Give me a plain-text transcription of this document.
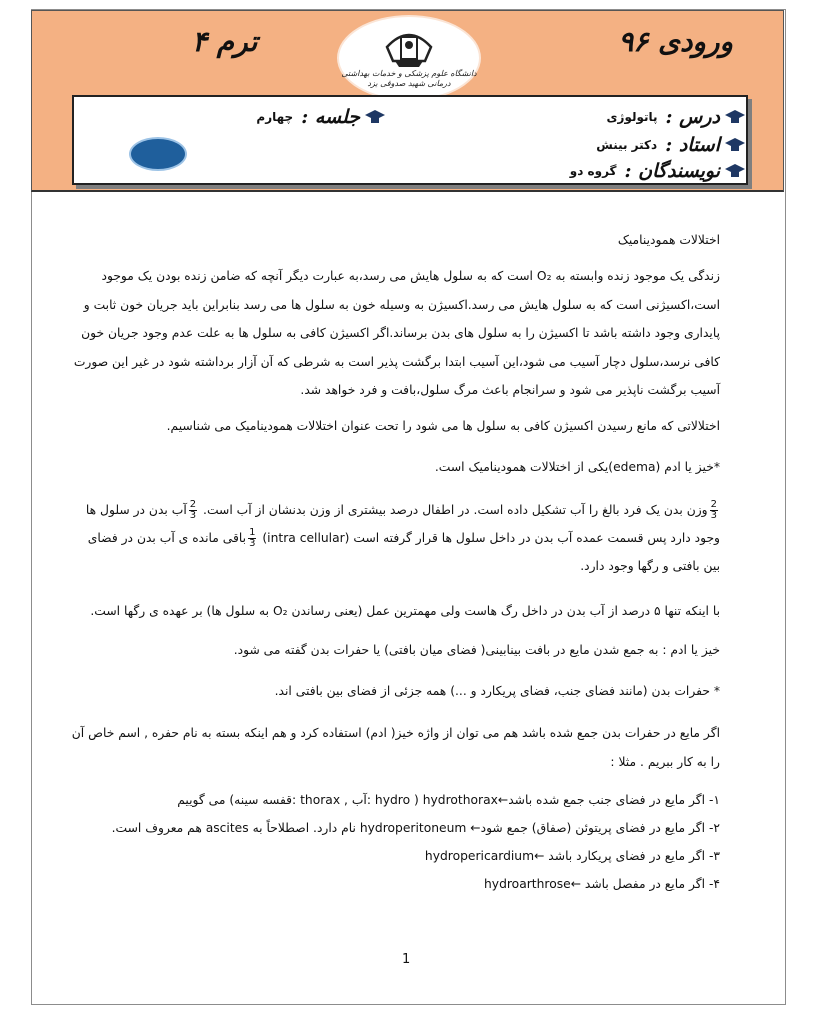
ترم ۴	ورودی ۹۶
دانشگاه علوم پزشکی و خدمات بهداشتی درمانی شهید صدوقی یزد
درس :
پاتولوژی
استاد :
دکتر بینش
نویسندگان :
گروه دو
جلسه :
چهارم

اختلالات همودینامیک

زندگی یک موجود زنده وابسته به O₂ است که به سلول هایش می رسد،به عبارت دیگر آنچه که ضامن زنده بودن یک موجود

است،اکسیژنی است که به سلول هایش می رسد.اکسیژن به وسیله خون به سلول ها می رسد بنابراین باید جریان خون ثابت و

پایداری وجود داشته باشد تا اکسیژن را به سلول های بدن برساند.اگر اکسیژن کافی به سلول ها به علت عدم وجود جریان خون

کافی نرسد،سلول دچار آسیب می شود،این آسیب ابتدا برگشت پذیر است به شرطی که آن آزار برداشته شود در غیر این صورت

آسیب برگشت ناپذیر می شود و سرانجام باعث مرگ سلول،بافت و فرد خواهد شد.

اختلالاتی که مانع رسیدن اکسیژن کافی به سلول ها می شود را تحت عنوان اختلالات همودینامیک می شناسیم.

*خیز یا ادم (edema)یکی از اختلالات همودینامیک است.

$\frac{2}{3}$
وزن بدن یک فرد بالغ را آب تشکیل داده است. در اطفال درصد بیشتری از وزن بدنشان از آب است.
$\frac{2}{3}$
آب بدن در سلول ها

وجود دارد پس قسمت عمده آب بدن در داخل سلول ها قرار گرفته است (intra cellular)
$\frac{1}{3}$
باقی مانده ی آب بدن در فضای

بین بافتی و رگها وجود دارد.

با اینکه تنها ۵ درصد از آب بدن در داخل رگ هاست ولی مهمترین عمل (یعنی رساندن O₂ به سلول ها) بر عهده ی رگها است.

خیز یا ادم : به جمع شدن مایع در بافت بینابینی( فضای میان بافتی) یا حفرات بدن گفته می شود.

* حفرات بدن (مانند فضای جنب، فضای پریکارد و ...) همه جزئی از فضای بین بافتی اند.

اگر مایع در حفرات بدن جمع شده باشد هم می توان از واژه خیز( ادم) استفاده کرد و هم اینکه بسته به نام حفره , اسم خاص آن

را به کار ببریم . مثلا :

۱- اگر مایع در فضای جنب جمع شده باشد←hydrothorax ( hydro :آب , thorax :قفسه سینه) می گوییم

۲- اگر مایع در فضای پریتوئن (صفاق) جمع شود← hydroperitoneum نام دارد. اصطلاحاً به ascites هم معروف است.

۳- اگر مایع در فضای پریکارد باشد ←hydropericardium

۴- اگر مایع در مفصل باشد ←hydroarthrose

1
